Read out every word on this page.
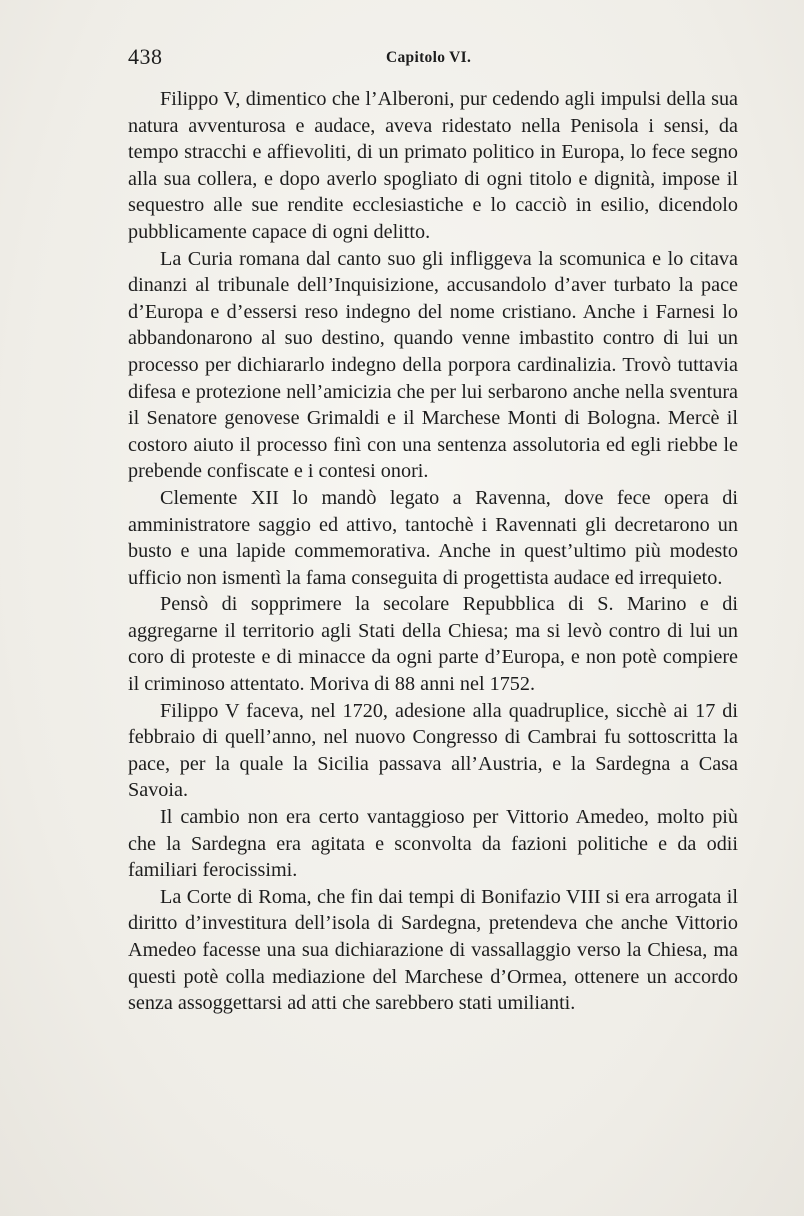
438	Capitolo VI.

Filippo V, dimentico che l’Alberoni, pur cedendo agli impulsi della sua natura avventurosa e audace, aveva ridestato nella Penisola i sensi, da tempo stracchi e affievoliti, di un primato politico in Europa, lo fece segno alla sua collera, e dopo averlo spogliato di ogni titolo e dignità, impose il sequestro alle sue rendite ecclesiastiche e lo cacciò in esilio, dicendolo pubblicamente capace di ogni delitto.

La Curia romana dal canto suo gli infliggeva la scomunica e lo citava dinanzi al tribunale dell’Inquisizione, accusandolo d’aver turbato la pace d’Europa e d’essersi reso indegno del nome cristiano. Anche i Farnesi lo abbandonarono al suo destino, quando venne imbastito contro di lui un processo per dichiararlo indegno della porpora cardinalizia. Trovò tuttavia difesa e protezione nell’amicizia che per lui serbarono anche nella sventura il Senatore genovese Grimaldi e il Marchese Monti di Bologna. Mercè il costoro aiuto il processo finì con una sentenza assolutoria ed egli riebbe le prebende confiscate e i contesi onori.

Clemente XII lo mandò legato a Ravenna, dove fece opera di amministratore saggio ed attivo, tantochè i Ravennati gli decretarono un busto e una lapide commemorativa. Anche in quest’ultimo più modesto ufficio non ismentì la fama conseguita di progettista audace ed irrequieto.

Pensò di sopprimere la secolare Repubblica di S. Marino e di aggregarne il territorio agli Stati della Chiesa; ma si levò contro di lui un coro di proteste e di minacce da ogni parte d’Europa, e non potè compiere il criminoso attentato. Moriva di 88 anni nel 1752.

Filippo V faceva, nel 1720, adesione alla quadruplice, sicchè ai 17 di febbraio di quell’anno, nel nuovo Congresso di Cambrai fu sottoscritta la pace, per la quale la Sicilia passava all’Austria, e la Sardegna a Casa Savoia.

Il cambio non era certo vantaggioso per Vittorio Amedeo, molto più che la Sardegna era agitata e sconvolta da fazioni politiche e da odii familiari ferocissimi.

La Corte di Roma, che fin dai tempi di Bonifazio VIII si era arrogata il diritto d’investitura dell’isola di Sardegna, pretendeva che anche Vittorio Amedeo facesse una sua dichiarazione di vassallaggio verso la Chiesa, ma questi potè colla mediazione del Marchese d’Ormea, ottenere un accordo senza assoggettarsi ad atti che sarebbero stati umilianti.
